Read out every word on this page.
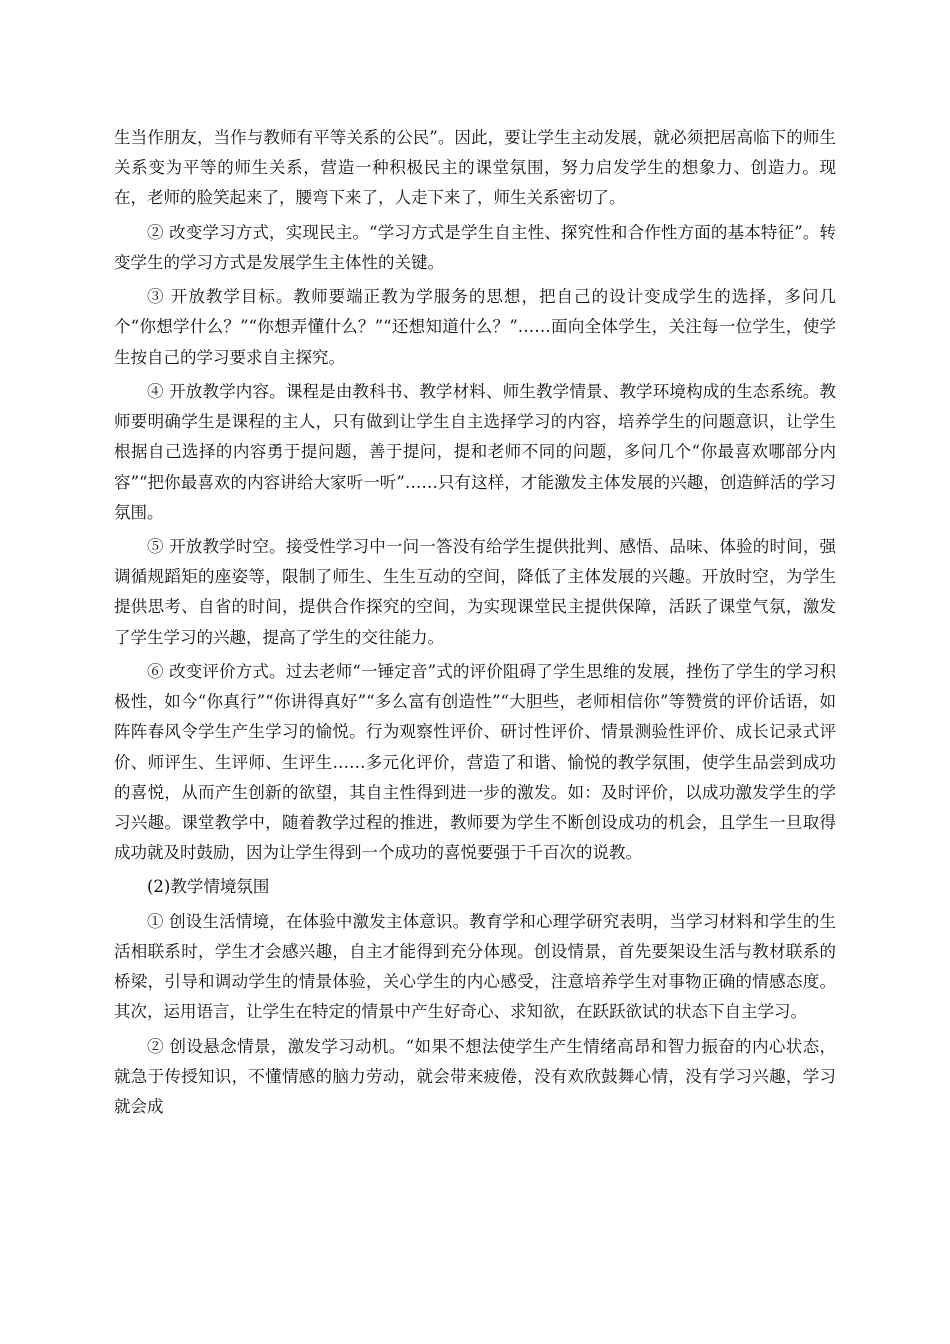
生当作朋友，当作与教师有平等关系的公民”。因此，要让学生主动发展，就必须把居高临下的师生关系变为平等的师生关系，营造一种积极民主的课堂氛围，努力启发学生的想象力、创造力。现在，老师的脸笑起来了，腰弯下来了，人走下来了，师生关系密切了。

② 改变学习方式，实现民主。“学习方式是学生自主性、探究性和合作性方面的基本特征”。转变学生的学习方式是发展学生主体性的关键。

③ 开放教学目标。教师要端正教为学服务的思想，把自己的设计变成学生的选择，多问几个“你想学什么？”“你想弄懂什么？”“还想知道什么？”……面向全体学生，关注每一位学生，使学生按自己的学习要求自主探究。

④ 开放教学内容。课程是由教科书、教学材料、师生教学情景、教学环境构成的生态系统。教师要明确学生是课程的主人，只有做到让学生自主选择学习的内容，培养学生的问题意识，让学生根据自己选择的内容勇于提问题，善于提问，提和老师不同的问题，多问几个“你最喜欢哪部分内容”“把你最喜欢的内容讲给大家听一听”……只有这样，才能激发主体发展的兴趣，创造鲜活的学习氛围。

⑤ 开放教学时空。接受性学习中一问一答没有给学生提供批判、感悟、品味、体验的时间，强调循规蹈矩的座姿等，限制了师生、生生互动的空间，降低了主体发展的兴趣。开放时空，为学生提供思考、自省的时间，提供合作探究的空间，为实现课堂民主提供保障，活跃了课堂气氛，激发了学生学习的兴趣，提高了学生的交往能力。

⑥ 改变评价方式。过去老师“一锤定音”式的评价阻碍了学生思维的发展，挫伤了学生的学习积极性，如今“你真行”“你讲得真好”“多么富有创造性”“大胆些，老师相信你”等赞赏的评价话语，如阵阵春风令学生产生学习的愉悦。行为观察性评价、研讨性评价、情景测验性评价、成长记录式评价、师评生、生评师、生评生……多元化评价，营造了和谐、愉悦的教学氛围，使学生品尝到成功的喜悦，从而产生创新的欲望，其自主性得到进一步的激发。如：及时评价，以成功激发学生的学习兴趣。课堂教学中，随着教学过程的推进，教师要为学生不断创设成功的机会，且学生一旦取得成功就及时鼓励，因为让学生得到一个成功的喜悦要强于千百次的说教。

(2)教学情境氛围

① 创设生活情境，在体验中激发主体意识。教育学和心理学研究表明，当学习材料和学生的生活相联系时，学生才会感兴趣，自主才能得到充分体现。创设情景，首先要架设生活与教材联系的桥梁，引导和调动学生的情景体验，关心学生的内心感受，注意培养学生对事物正确的情感态度。其次，运用语言，让学生在特定的情景中产生好奇心、求知欲，在跃跃欲试的状态下自主学习。

② 创设悬念情景，激发学习动机。“如果不想法使学生产生情绪高昂和智力振奋的内心状态，就急于传授知识，不懂情感的脑力劳动，就会带来疲倦，没有欢欣鼓舞心情，没有学习兴趣，学习就会成
